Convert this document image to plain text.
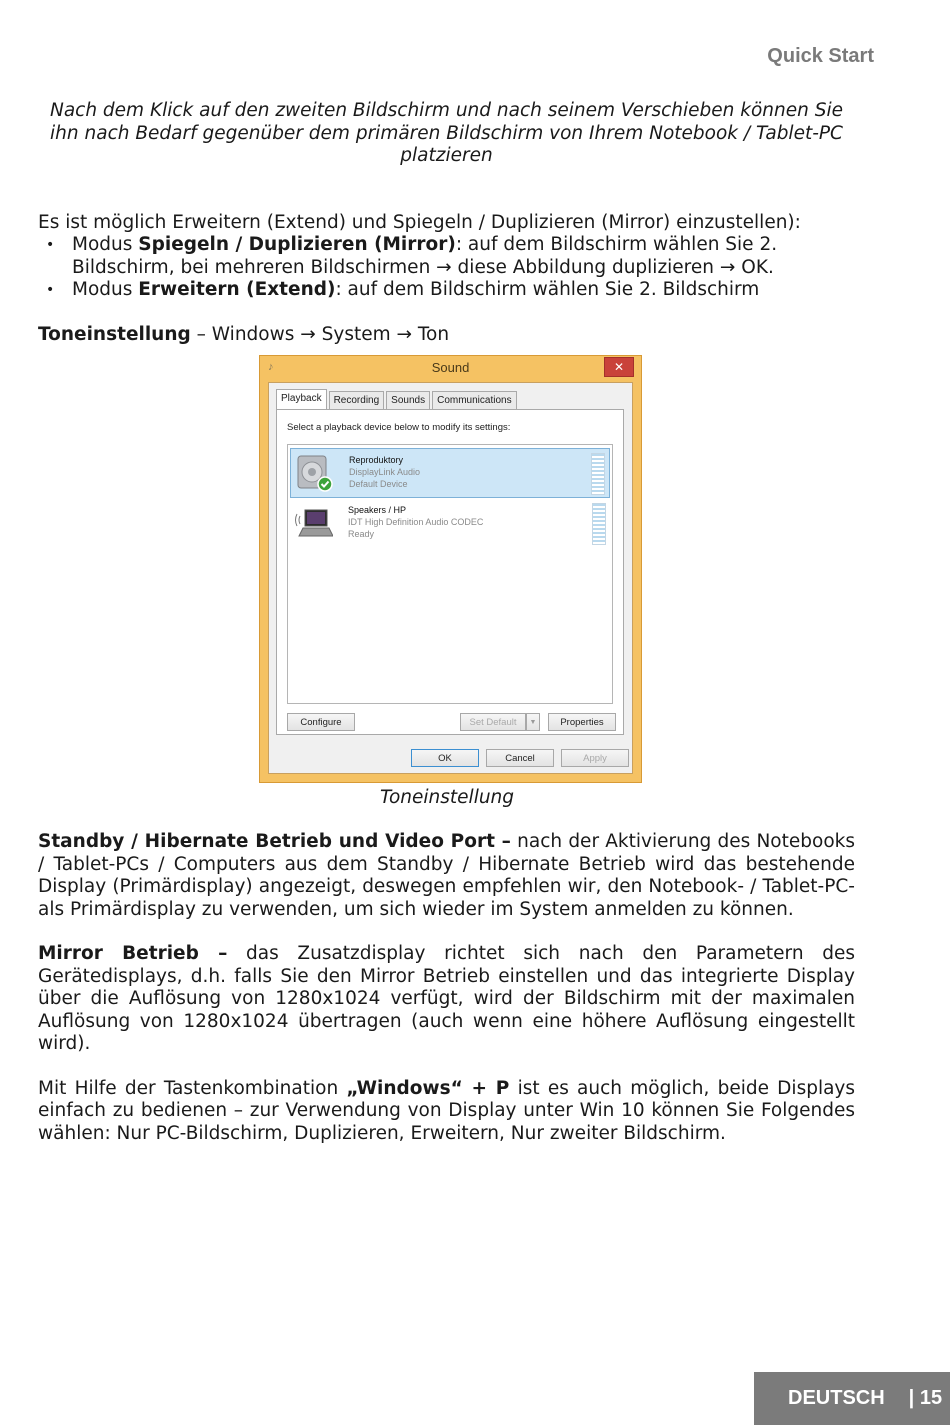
Quick Start

Nach dem Klick auf den zweiten Bildschirm und nach seinem Verschieben können Sie ihn nach Bedarf gegenüber dem primären Bildschirm von Ihrem Notebook / Tablet-PC platzieren

Es ist möglich Erweitern (Extend) und Spiegeln / Duplizieren (Mirror) einzustellen):

• Modus Spiegeln / Duplizieren (Mirror): auf dem Bildschirm wählen Sie 2. Bildschirm, bei mehreren Bildschirmen → diese Abbildung duplizieren → OK.
• Modus Erweitern (Extend): auf dem Bildschirm wählen Sie 2. Bildschirm

Toneinstellung – Windows → System → Ton

♪	Sound	✕
Playback	Recording	Sounds	Communications
Select a playback device below to modify its settings:
Reproduktory
DisplayLink Audio
Default Device
Speakers / HP
IDT High Definition Audio CODEC
Ready
Configure	Set Default	▼	Properties
OK	Cancel	Apply
Toneinstellung

Standby / Hibernate Betrieb und Video Port – nach der Aktivierung des Notebooks / Tablet-PCs / Computers aus dem Standby / Hibernate Betrieb wird das bestehende Display (Primärdisplay) angezeigt, deswegen empfehlen wir, den Notebook- / Tablet-PC- als Primärdisplay zu verwenden, um sich wieder im System anmelden zu können.

Mirror Betrieb – das Zusatzdisplay richtet sich nach den Parametern des Gerätedisplays, d.h. falls Sie den Mirror Betrieb einstellen und das integrierte Display über die Auflösung von 1280x1024 verfügt, wird der Bildschirm mit der maximalen Auflösung von 1280x1024 übertragen (auch wenn eine höhere Auflösung eingestellt wird).

Mit Hilfe der Tastenkombination „Windows“ + P ist es auch möglich, beide Displays einfach zu bedienen – zur Verwendung von Display unter Win 10 können Sie Folgendes wählen: Nur PC-Bildschirm, Duplizieren, Erweitern, Nur zweiter Bildschirm.

DEUTSCH | 15
